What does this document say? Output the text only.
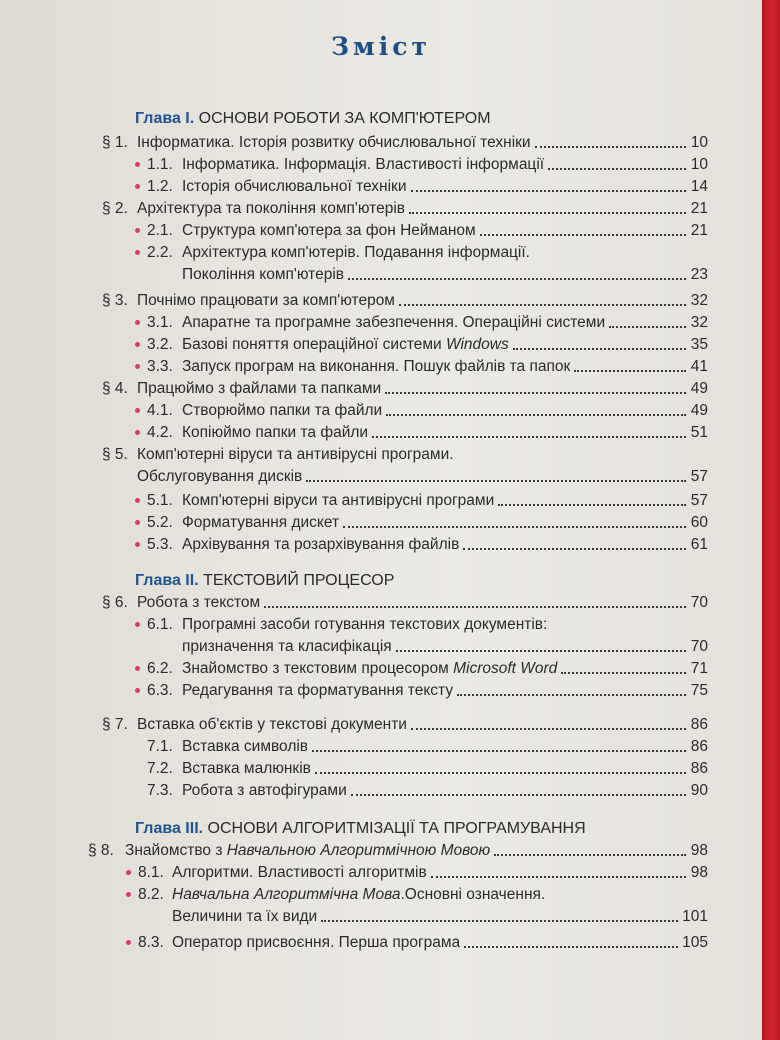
Зміст
Глава І. ОСНОВИ РОБОТИ ЗА КОМП'ЮТЕРОМ
Глава ІІ. ТЕКСТОВИЙ ПРОЦЕСОР
Глава ІІІ. ОСНОВИ АЛГОРИТМІЗАЦІЇ ТА ПРОГРАМУВАННЯ
§ 1. Інформатика. Історія розвитку обчислювальної техніки	10
1.1. Інформатика. Інформація. Властивості інформації	10
1.2. Історія обчислювальної техніки	14
§ 2. Архітектура та покоління комп'ютерів	21
2.1. Структура комп'ютера за фон Нейманом	21
2.2. Архітектура комп'ютерів. Подавання інформації.
Покоління комп'ютерів	23
§ 3. Почнімо працювати за комп'ютером	32
3.1. Апаратне та програмне забезпечення. Операційні системи	32
3.2. Базові поняття операційної системи Windows	35
3.3. Запуск програм на виконання. Пошук файлів та папок	41
§ 4. Працюймо з файлами та папками	49
4.1. Створюймо папки та файли	49
4.2. Копіюймо папки та файли	51
§ 5. Комп'ютерні віруси та антивірусні програми.
Обслуговування дисків	57
5.1. Комп'ютерні віруси та антивірусні програми	57
5.2. Форматування дискет	60
5.3. Архівування та розархівування файлів	61
§ 6. Робота з текстом	70
6.1. Програмні засоби готування текстових документів:
призначення та класифікація	70
6.2. Знайомство з текстовим процесором Microsoft Word	71
6.3. Редагування та форматування тексту	75
§ 7. Вставка об'єктів у текстові документи	86
7.1. Вставка символів	86
7.2. Вставка малюнків	86
7.3. Робота з автофігурами	90
§ 8. Знайомство з Навчальною Алгоритмічною Мовою	98
8.1. Алгоритми. Властивості алгоритмів	98
8.2. Навчальна Алгоритмічна Мова.Основні означення.
Величини та їх види	101
8.3. Оператор присвоєння. Перша програма	105
